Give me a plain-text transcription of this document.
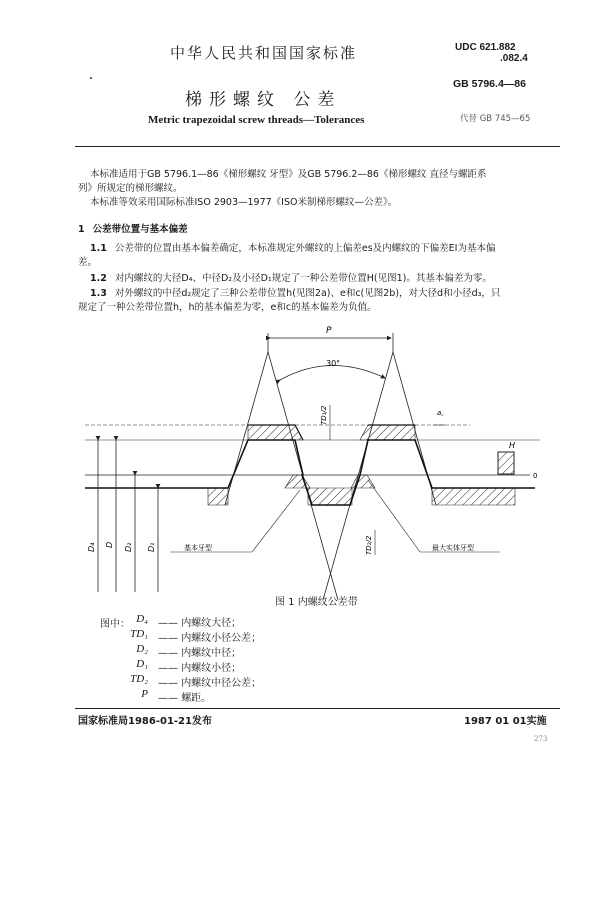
中华人民共和国国家标准	UDC 621.882
.082.4
GB 5796.4—86
梯形螺纹 公差
Metric trapezoidal screw threads—Tolerances	代替 GB 745—65
本标准适用于GB 5796.1—86《梯形螺纹 牙型》及GB 5796.2—86《梯形螺纹 直径与螺距系
列》所规定的梯形螺纹。
本标准等效采用国际标准ISO 2903—1977《ISO米制梯形螺纹—公差》。
1 公差带位置与基本偏差
1.1 公差带的位置由基本偏差确定，本标准规定外螺纹的上偏差es及内螺纹的下偏差EI为基本偏
差。
1.2 对内螺纹的大径D₄、中径D₂及小径D₁规定了一种公差带位置H(见图1)。其基本偏差为零。
1.3 对外螺纹的中径d₂规定了三种公差带位置h(见图2a)、e和c(见图2b)，对大径d和小径d₃，只
规定了一种公差带位置h，h的基本偏差为零，e和c的基本偏差为负值。
P
30°
0
H
TD₁/2	a꜀
TD₂/2
D₄ D D₂ D₁	基本牙型	最大实体牙型
图 1 内螺纹公差带
图中： D₄ —— 内螺纹大径；
TD₁ —— 内螺纹小径公差；
D₂ —— 内螺纹中径；
D₁ —— 内螺纹小径；
TD₂ —— 内螺纹中径公差；
P —— 螺距。
国家标准局1986-01-21发布	1987 01 01实施
273
